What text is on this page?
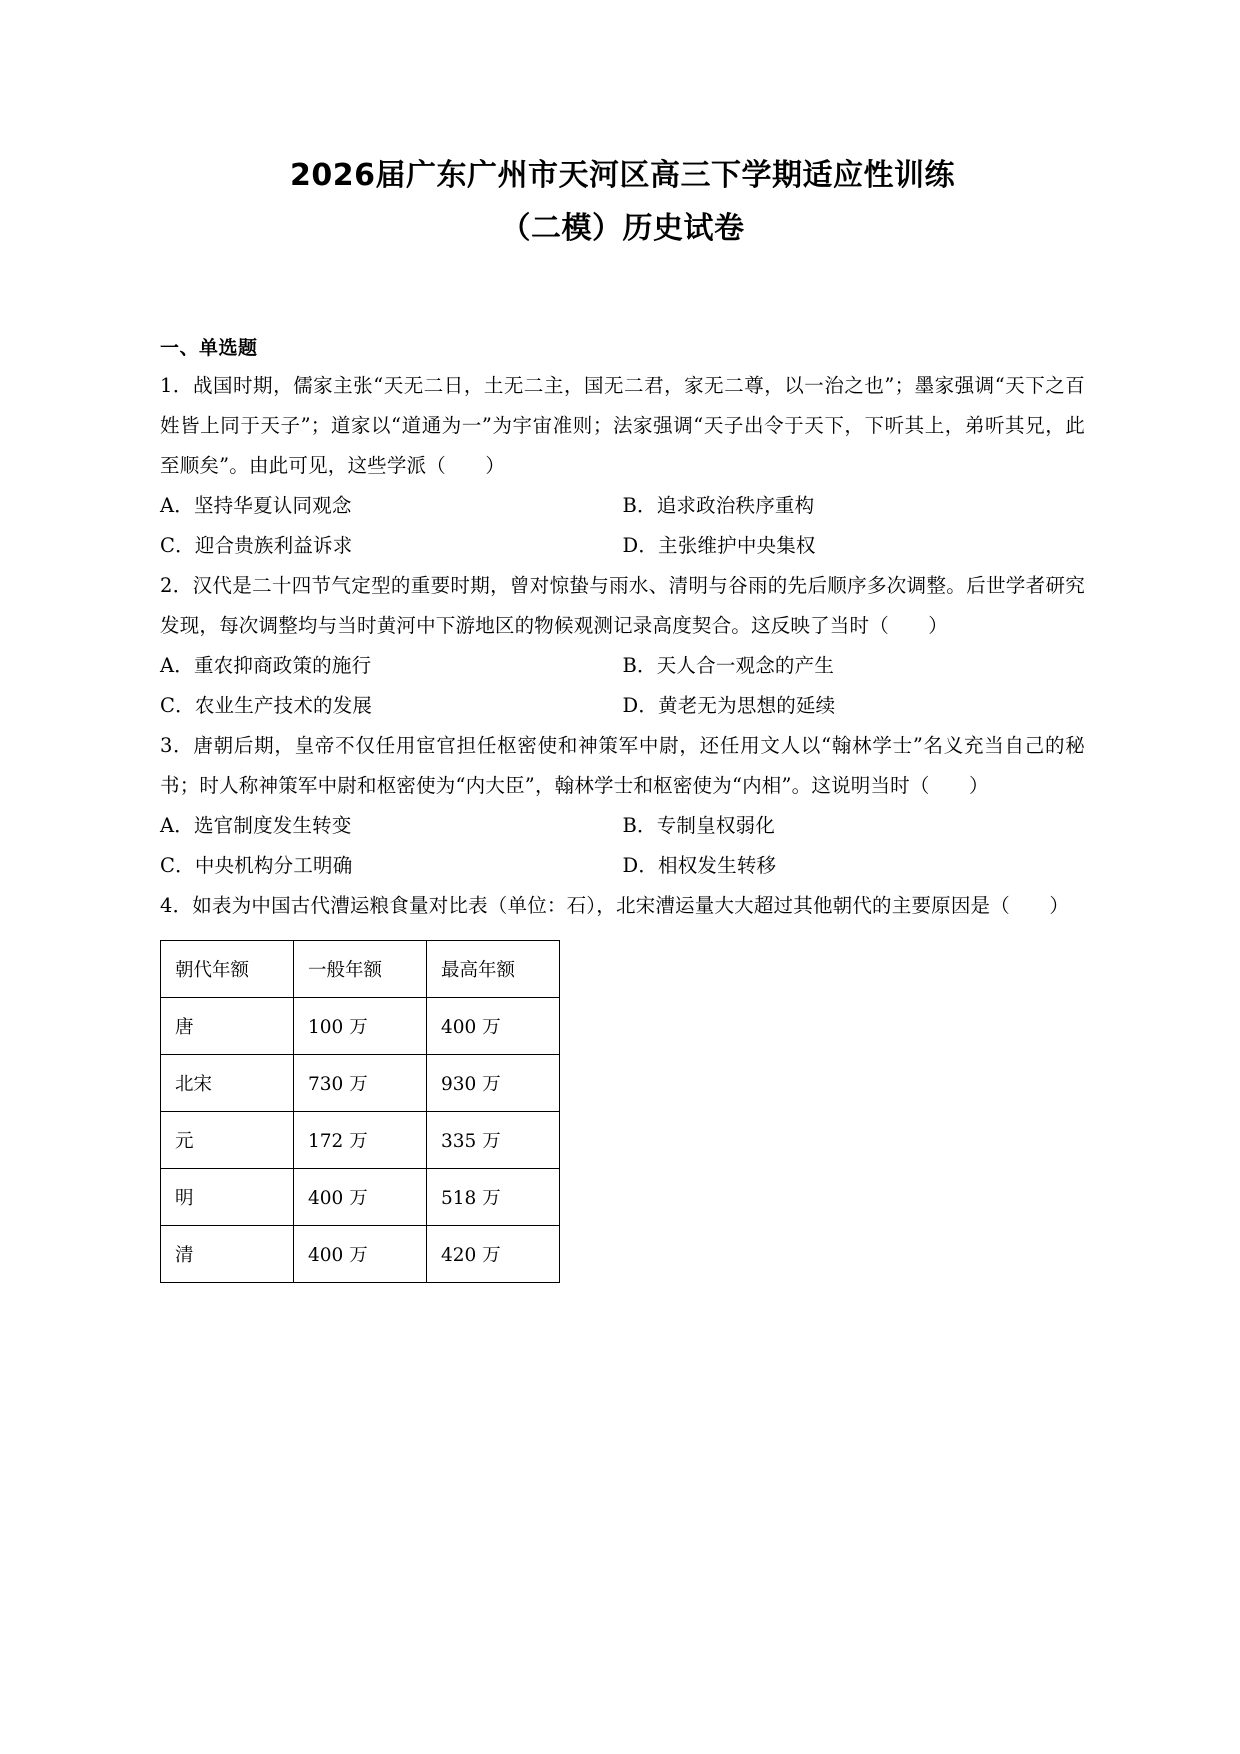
2026届广东广州市天河区高三下学期适应性训练
（二模）历史试卷
一、单选题

1．战国时期，儒家主张“天无二日，土无二主，国无二君，家无二尊，以一治之也”；墨家强调“天下之百姓皆上同于天子”；道家以“道通为一”为宇宙准则；法家强调“天子出令于天下，下听其上，弟听其兄，此至顺矣”。由此可见，这些学派（　　）

A．坚持华夏认同观念	B．追求政治秩序重构
C．迎合贵族利益诉求	D．主张维护中央集权

2．汉代是二十四节气定型的重要时期，曾对惊蛰与雨水、清明与谷雨的先后顺序多次调整。后世学者研究发现，每次调整均与当时黄河中下游地区的物候观测记录高度契合。这反映了当时（　　）

A．重农抑商政策的施行	B．天人合一观念的产生
C．农业生产技术的发展	D．黄老无为思想的延续

3．唐朝后期，皇帝不仅任用宦官担任枢密使和神策军中尉，还任用文人以“翰林学士”名义充当自己的秘书；时人称神策军中尉和枢密使为“内大臣”，翰林学士和枢密使为“内相”。这说明当时（　　）

A．选官制度发生转变	B．专制皇权弱化
C．中央机构分工明确	D．相权发生转移

4．如表为中国古代漕运粮食量对比表（单位：石），北宋漕运量大大超过其他朝代的主要原因是（　　）

朝代年额	一般年额	最高年额
唐	100 万	400 万
北宋	730 万	930 万
元	172 万	335 万
明	400 万	518 万
清	400 万	420 万
